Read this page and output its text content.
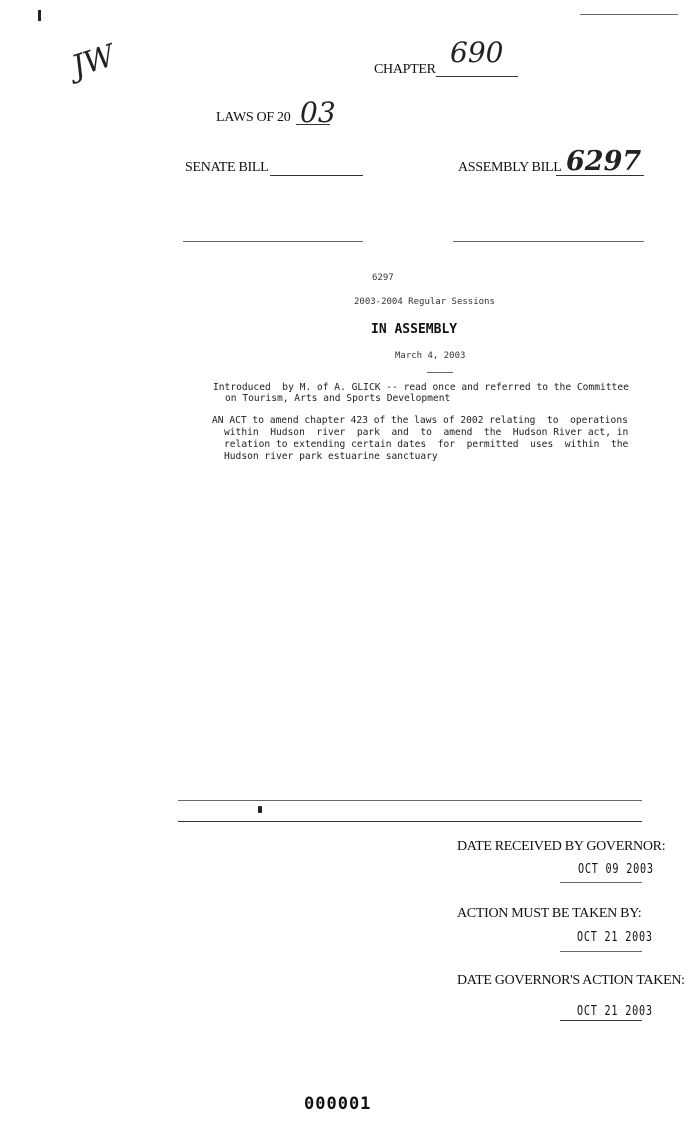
JW	CHAPTER
690
LAWS OF 20 03
SENATE BILL	ASSEMBLY BILL 6297
6297
2003-2004 Regular Sessions
IN ASSEMBLY
March 4, 2003
Introduced  by M. of A. GLICK -- read once and referred to the Committee
on Tourism, Arts and Sports Development
AN ACT to amend chapter 423 of the laws of 2002 relating  to  operations
within  Hudson  river  park  and  to  amend  the  Hudson River act, in
relation to extending certain dates  for  permitted  uses  within  the
Hudson river park estuarine sanctuary
DATE RECEIVED BY GOVERNOR:
OCT 09 2003
ACTION MUST BE TAKEN BY:
OCT 21 2003
DATE GOVERNOR'S ACTION TAKEN:
OCT 21 2003
000001
